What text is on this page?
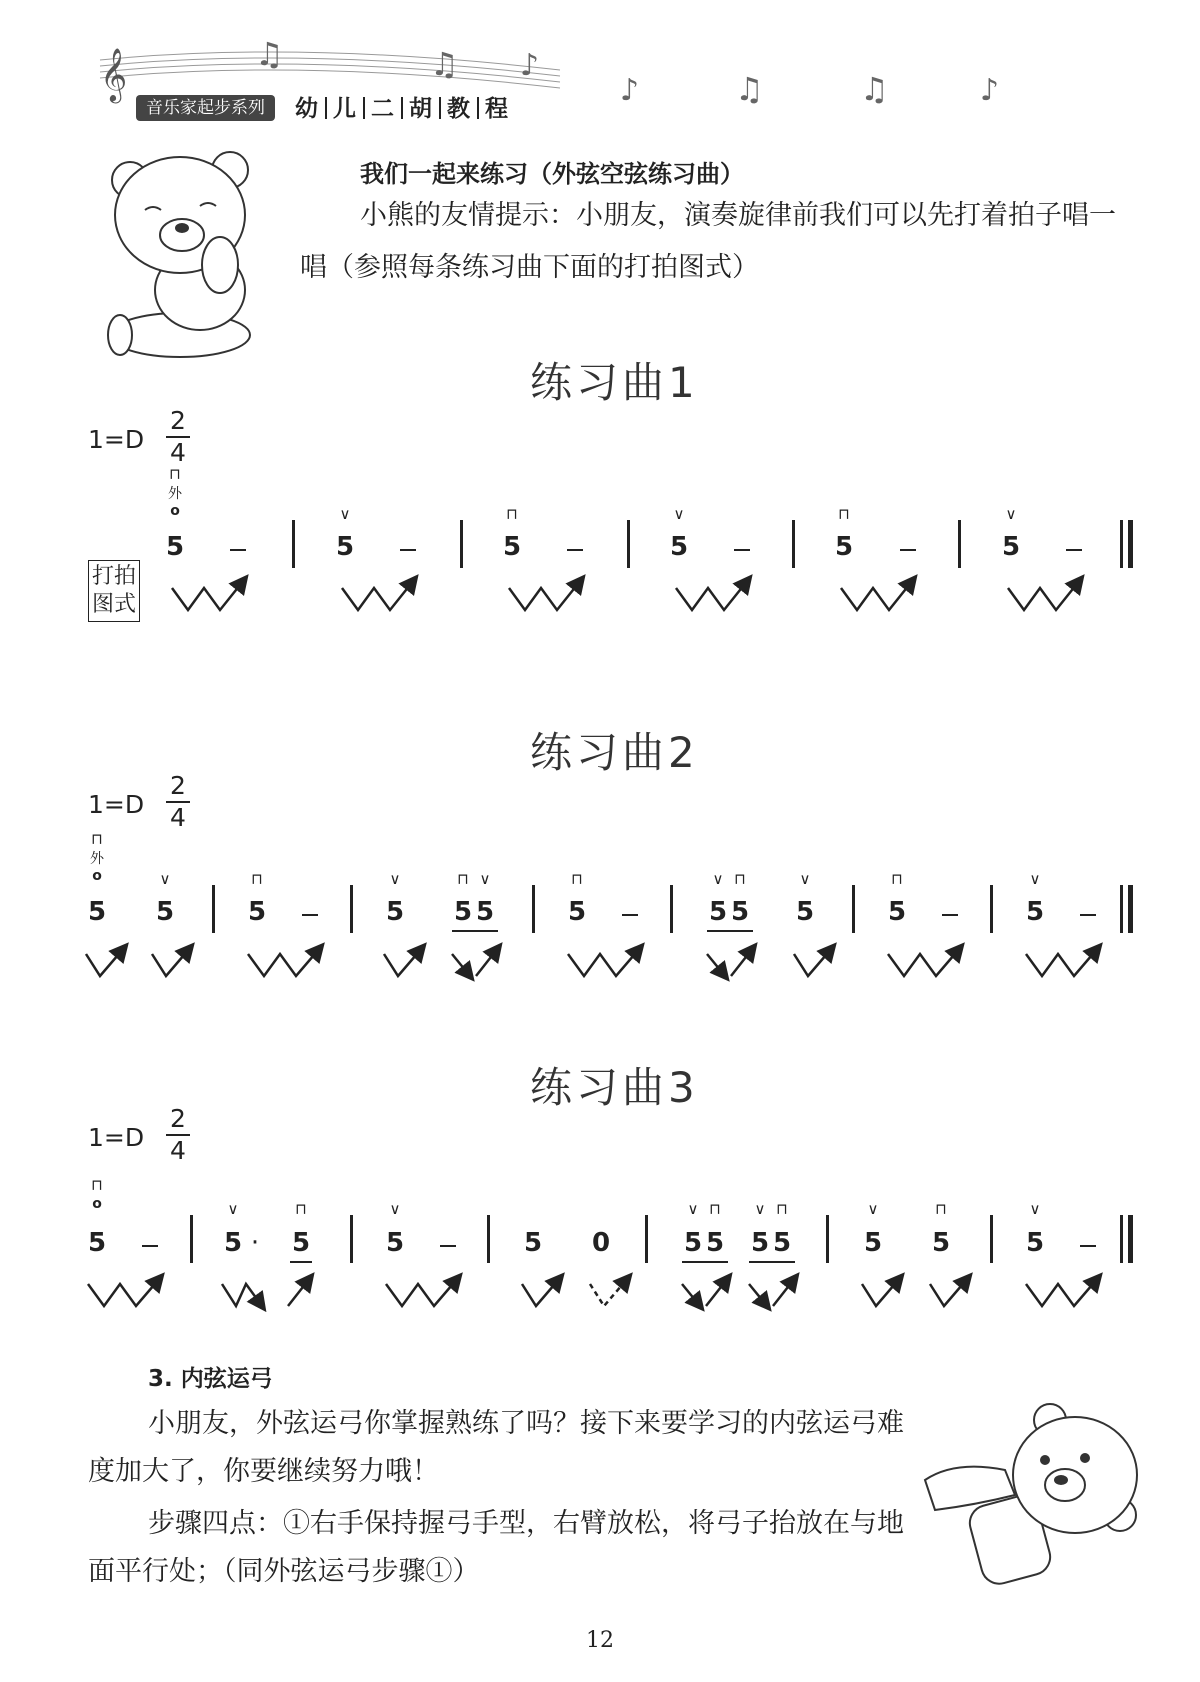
𝄞	♫	♫ ♪
♪	♫	♫	♪
音乐家起步系列	幼 儿 二 胡 教 程
我们一起来练习（外弦空弦练习曲）
小熊的友情提示：小朋友，演奏旋律前我们可以先打着拍子唱一唱（参照每条练习曲下面的打拍图式）
练习曲1
1=D
2
4
⊓
外
o
5
∨
5
⊓
5
∨
5
⊓
5
∨
5
打拍
图式
练习曲2
1=D
2
4
⊓
外
o
5
∨
5
⊓
5
∨
5
⊓ ∨
5 5
⊓
5
∨ ⊓
5 5
∨
5
⊓
5
∨
5
练习曲3
1=D
2
4
⊓
o
5
∨
5 ·
⊓
5
∨
5	5 0
∨ ⊓
5 5
∨ ⊓
5 5
∨
5
⊓
5
∨
5
3. 内弦运弓
小朋友，外弦运弓你掌握熟练了吗？接下来要学习的内弦运弓难度加大了，你要继续努力哦！
步骤四点：①右手保持握弓手型，右臂放松，将弓子抬放在与地面平行处；（同外弦运弓步骤①）
12
